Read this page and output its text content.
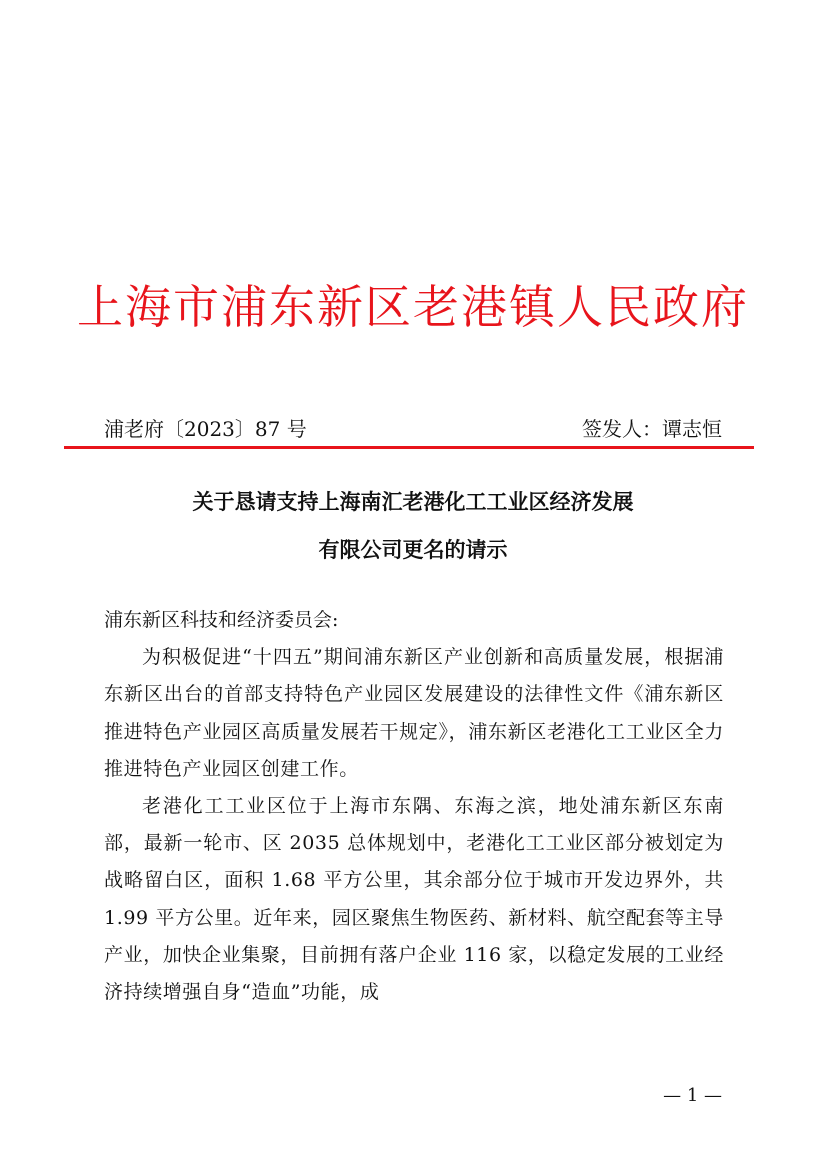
上海市浦东新区老港镇人民政府
浦老府〔2023〕87 号	签发人：谭志恒
关于恳请支持上海南汇老港化工工业区经济发展
有限公司更名的请示

浦东新区科技和经济委员会:

为积极促进“十四五”期间浦东新区产业创新和高质量发展，根据浦东新区出台的首部支持特色产业园区发展建设的法律性文件《浦东新区推进特色产业园区高质量发展若干规定》，浦东新区老港化工工业区全力推进特色产业园区创建工作。

老港化工工业区位于上海市东隅、东海之滨，地处浦东新区东南部，最新一轮市、区 2035 总体规划中，老港化工工业区部分被划定为战略留白区，面积 1.68 平方公里，其余部分位于城市开发边界外，共 1.99 平方公里。近年来，园区聚焦生物医药、新材料、航空配套等主导产业，加快企业集聚，目前拥有落户企业 116 家，以稳定发展的工业经济持续增强自身“造血”功能，成

— 1 —
